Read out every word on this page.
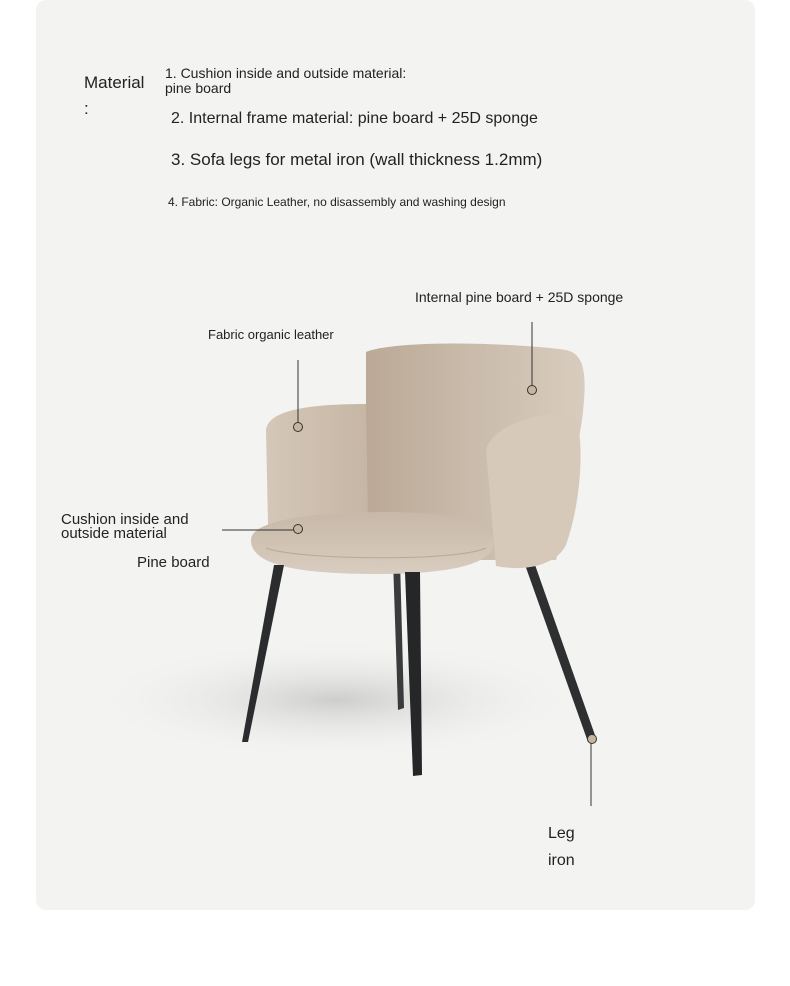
Material
:
1. Cushion inside and outside material:
pine board
2. Internal frame material: pine board + 25D sponge
3. Sofa legs for metal iron (wall thickness 1.2mm)
4. Fabric: Organic Leather, no disassembly and washing design
Internal pine board + 25D sponge
Fabric organic leather
Cushion inside and
outside material
Pine board
Leg
iron
